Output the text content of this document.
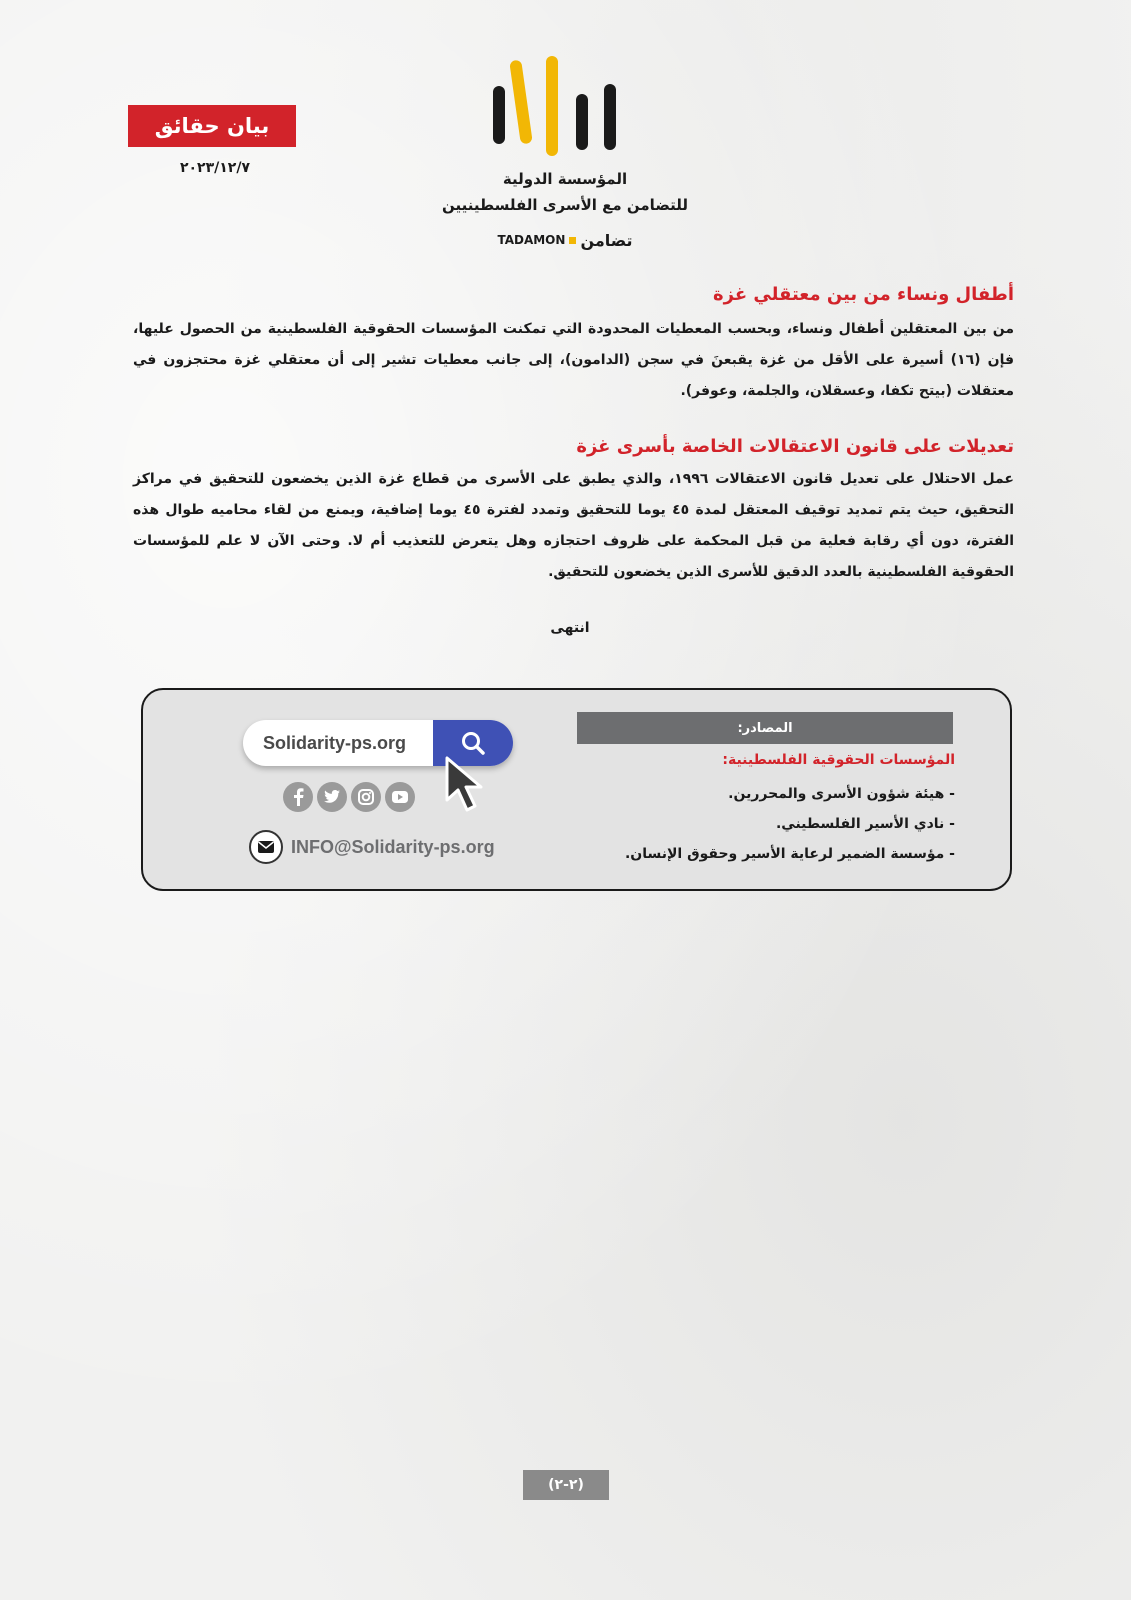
المؤسسة الدولية
للتضامن مع الأسرى الفلسطينيين
TADAMON تضامن
بيان حقائق
٢٠٢٣/١٢/٧
أطفال ونساء من بين معتقلي غزة
من بين المعتقلين أطفال ونساء، وبحسب المعطيات المحدودة التي تمكنت المؤسسات الحقوقية الفلسطينية من الحصول عليها، فإن (١٦) أسيرة على الأقل من غزة يقبعنَ في سجن (الدامون)، إلى جانب معطيات تشير إلى أن معتقلي غزة محتجزون في معتقلات (بيتح تكفا، وعسقلان، والجلمة، وعوفر).
تعديلات على قانون الاعتقالات الخاصة بأسرى غزة
عمل الاحتلال على تعديل قانون الاعتقالات ١٩٩٦، والذي يطبق على الأسرى من قطاع غزة الذين يخضعون للتحقيق في مراكز التحقيق، حيث يتم تمديد توقيف المعتقل لمدة ٤٥ يوما للتحقيق وتمدد لفترة ٤٥ يوما إضافية، ويمنع من لقاء محاميه طوال هذه الفترة، دون أي رقابة فعلية من قبل المحكمة على ظروف احتجازه وهل يتعرض للتعذيب أم لا. وحتى الآن لا علم للمؤسسات الحقوقية الفلسطينية بالعدد الدقيق للأسرى الذين يخضعون للتحقيق.
انتهى
المصادر:
المؤسسات الحقوقية الفلسطينية:
- هيئة شؤون الأسرى والمحررين.
- نادي الأسير الفلسطيني.
- مؤسسة الضمير لرعاية الأسير وحقوق الإنسان.
Solidarity-ps.org
INFO@Solidarity-ps.org
(٢-٢)
